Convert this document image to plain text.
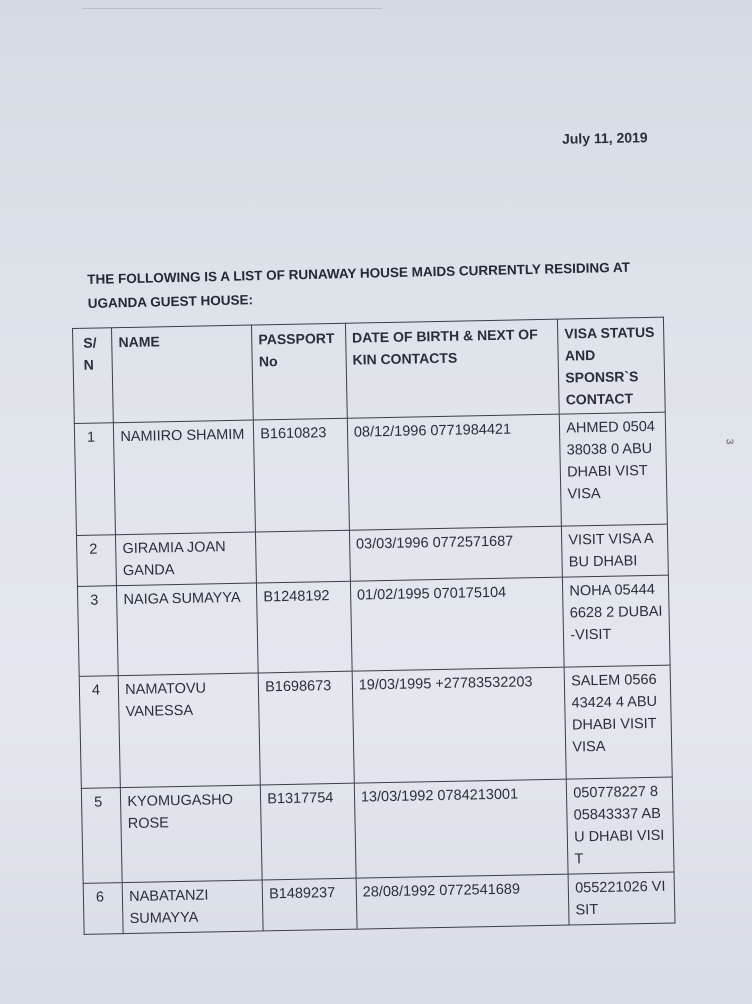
3
July 11, 2019
THE FOLLOWING IS A LIST OF RUNAWAY HOUSE MAIDS CURRENTLY RESIDING AT UGANDA GUEST HOUSE:
S/ N	NAME	PASSPORT No	DATE OF BIRTH & NEXT OF KIN CONTACTS	VISA STATUS AND SPONSR`S CONTACT
1	NAMIIRO SHAMIM	B1610823	08/12/1996 0771984421	AHMED 050438038 0 ABU DHABI VIST VISA
2	GIRAMIA JOAN GANDA		03/03/1996 0772571687	VISIT VISA ABU DHABI
3	NAIGA SUMAYYA	B1248192	01/02/1995 070175104	NOHA 054446628 2 DUBAI-VISIT
4	NAMATOVU VANESSA	B1698673	19/03/1995 +27783532203	SALEM 056643424 4 ABU DHABI VISIT VISA
5	KYOMUGASHO ROSE	B1317754	13/03/1992 0784213001	050778227 8 05843337 ABU DHABI VISIT
6	NABATANZI SUMAYYA	B1489237	28/08/1992 0772541689	055221026 VISIT
